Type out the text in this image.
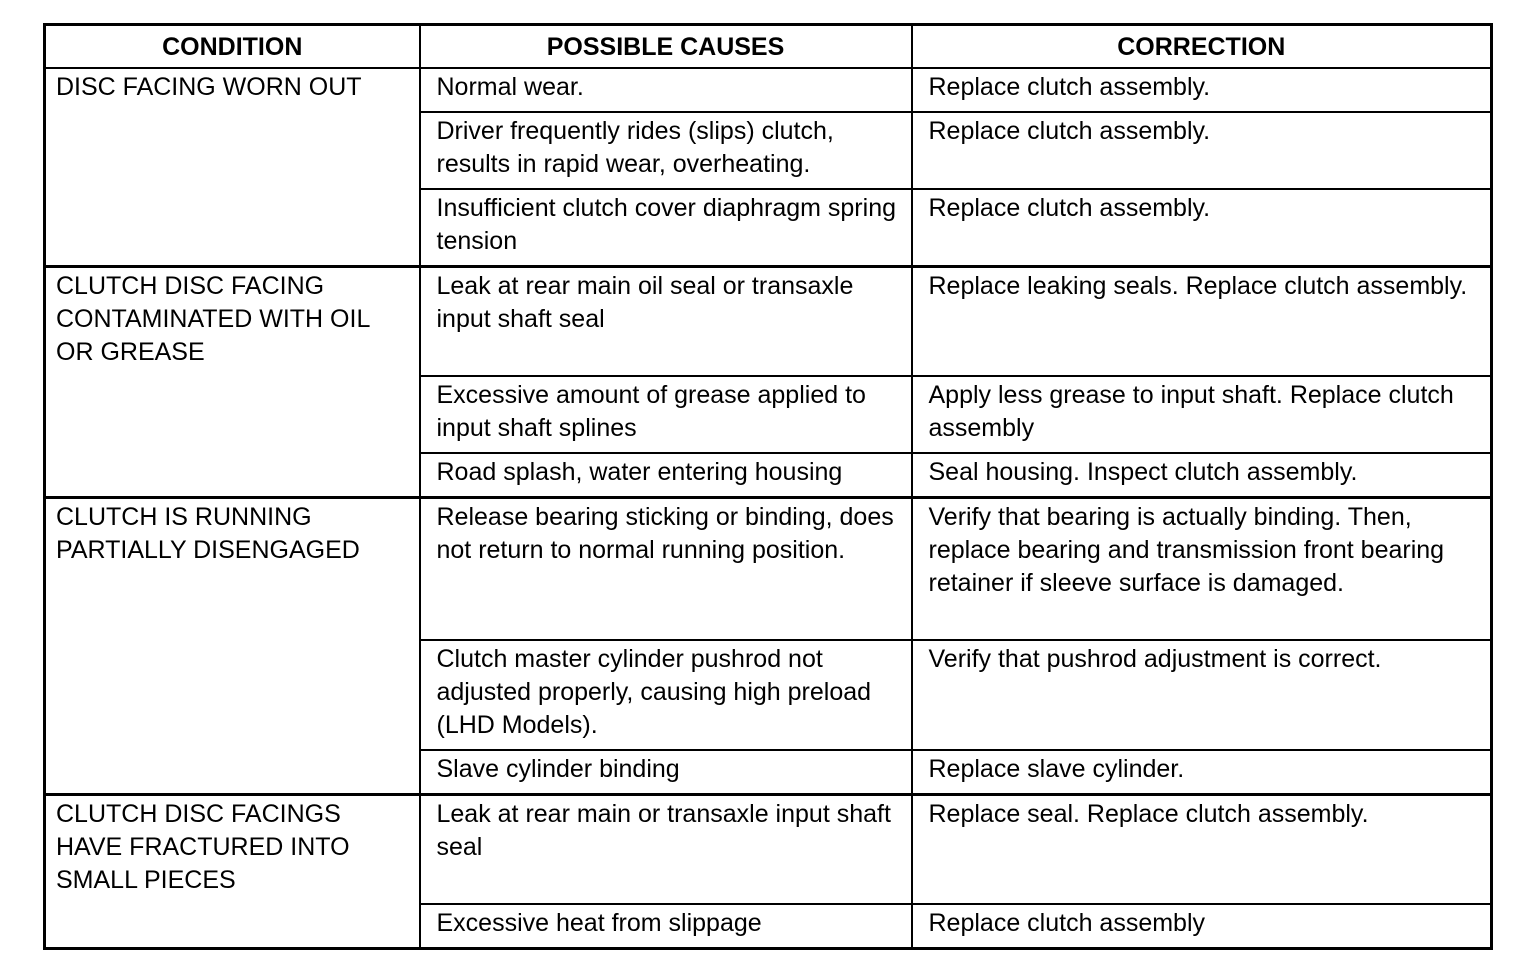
CONDITION	POSSIBLE CAUSES	CORRECTION
DISC FACING WORN OUT	Normal wear.	Replace clutch assembly.
	Driver frequently rides (slips) clutch, results in rapid wear, overheating.	Replace clutch assembly.
	Insufficient clutch cover diaphragm spring tension	Replace clutch assembly.
CLUTCH DISC FACING CONTAMINATED WITH OIL OR GREASE	Leak at rear main oil seal or transaxle input shaft seal	Replace leaking seals. Replace clutch assembly.
	Excessive amount of grease applied to input shaft splines	Apply less grease to input shaft. Replace clutch assembly
	Road splash, water entering housing	Seal housing. Inspect clutch assembly.
CLUTCH IS RUNNING PARTIALLY DISENGAGED	Release bearing sticking or binding, does not return to normal running position.	Verify that bearing is actually binding. Then, replace bearing and transmission front bearing retainer if sleeve surface is damaged.
	Clutch master cylinder pushrod not adjusted properly, causing high preload (LHD Models).	Verify that pushrod adjustment is correct.
	Slave cylinder binding	Replace slave cylinder.
CLUTCH DISC FACINGS HAVE FRACTURED INTO SMALL PIECES	Leak at rear main or transaxle input shaft seal	Replace seal. Replace clutch assembly.
	Excessive heat from slippage	Replace clutch assembly
